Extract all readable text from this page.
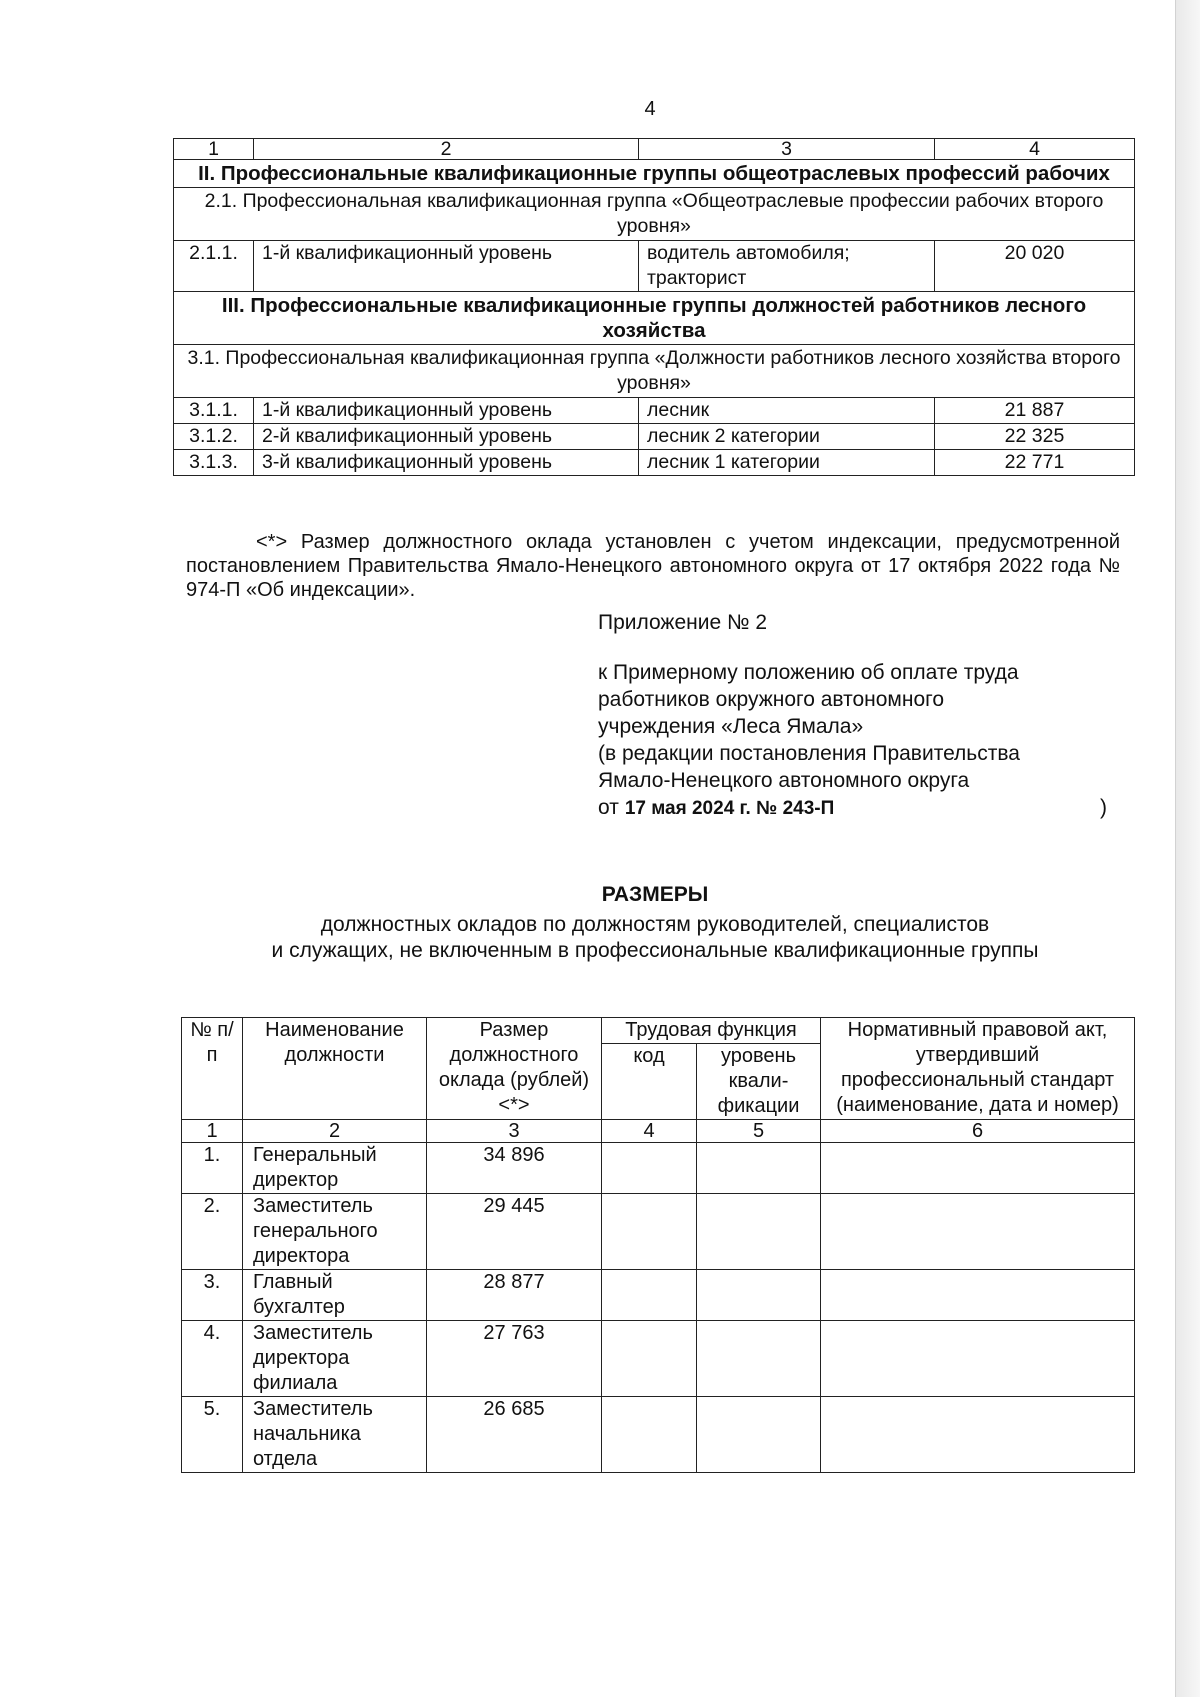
4
1	2	3	4
II. Профессиональные квалификационные группы общеотраслевых профессий рабочих			
2.1. Профессиональная квалификационная группа «Общеотраслевые профессии рабочих второго уровня»			
2.1.1.	1-й квалификационный уровень	водитель автомобиля; тракторист	20 020
III. Профессиональные квалификационные группы должностей работников лесного хозяйства			
3.1. Профессиональная квалификационная группа «Должности работников лесного хозяйства второго уровня»			
3.1.1.	1-й квалификационный уровень	лесник	21 887
3.1.2.	2-й квалификационный уровень	лесник 2 категории	22 325
3.1.3.	3-й квалификационный уровень	лесник 1 категории	22 771

<*> Размер должностного оклада установлен с учетом индексации, предусмотренной постановлением Правительства Ямало-Ненецкого автономного округа от 17 октября 2022 года № 974-П «Об индексации».

Приложение № 2
к Примерному положению об оплате труда
работников окружного автономного
учреждения «Леса Ямала»
(в редакции постановления Правительства
Ямало-Ненецкого автономного округа
от 17 мая 2024 г. № 243-П	)
РАЗМЕРЫ
должностных окладов по должностям руководителей, специалистов
и служащих, не включенным в профессиональные квалификационные группы
№ п/п	Наименование должности	Размер должностного оклада (рублей)<*>	Трудовая функция		Нормативный правовой акт, утвердивший профессиональный стандарт (наименование, дата и номер)
			код	уровень квали-фикации	
1	2	3	4	5	6
1.	Генеральный директор	34 896			
2.	Заместитель генерального директора	29 445			
3.	Главный бухгалтер	28 877			
4.	Заместитель директора филиала	27 763			
5.	Заместитель начальника отдела	26 685			
